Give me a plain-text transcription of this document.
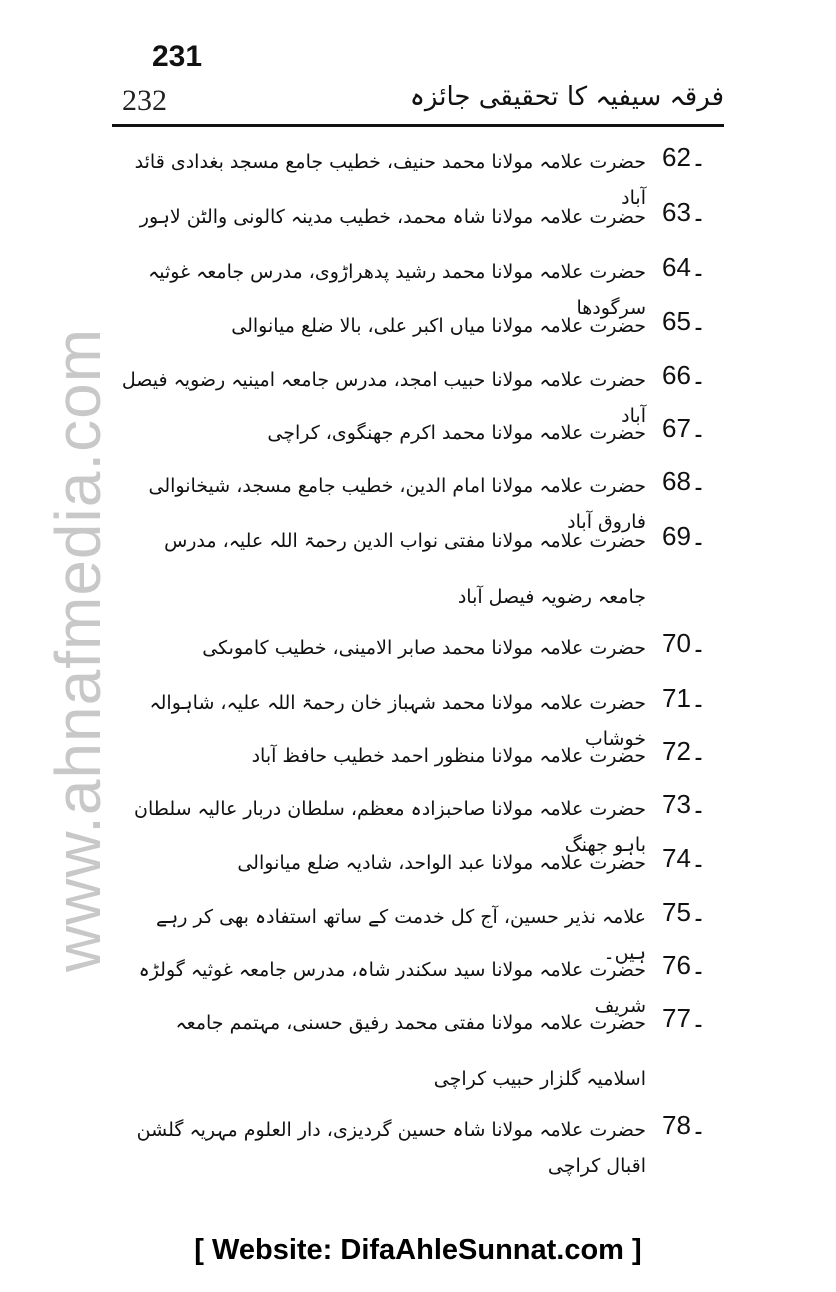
www.ahnafmedia.com
231
232	فرقہ سیفیہ کا تحقیقی جائزہ
62۔
حضرت علامہ مولانا محمد حنیف، خطیب جامع مسجد بغدادی قائد آباد 63۔
حضرت علامہ مولانا شاہ محمد، خطیب مدینہ کالونی والٹن لاہور
64۔
حضرت علامہ مولانا محمد رشید پدھراڑوی، مدرس جامعہ غوثیہ سرگودھا 65۔
حضرت علامہ مولانا میاں اکبر علی، بالا ضلع میانوالی
66۔
حضرت علامہ مولانا حبیب امجد، مدرس جامعہ امینیہ رضویہ فیصل آباد 67۔
حضرت علامہ مولانا محمد اکرم جھنگوی، کراچی
68۔
حضرت علامہ مولانا امام الدین، خطیب جامع مسجد، شیخانوالی فاروق آباد 69۔
حضرت علامہ مولانا مفتی نواب الدین رحمۃ اللہ علیہ، مدرس جامعہ رضویہ فیصل آباد
70۔
حضرت علامہ مولانا محمد صابر الامینی، خطیب کاموںکی
71۔
حضرت علامہ مولانا محمد شہباز خان رحمۃ اللہ علیہ، شاہوالہ خوشاب 72۔
حضرت علامہ مولانا منظور احمد خطیب حافظ آباد
73۔
حضرت علامہ مولانا صاحبزادہ معظم، سلطان دربار عالیہ سلطان باہو جھنگ 74۔
حضرت علامہ مولانا عبد الواحد، شادیہ ضلع میانوالی
75۔
علامہ نذیر حسین، آج کل خدمت کے ساتھ استفادہ بھی کر رہے ہیں۔ 76۔
حضرت علامہ مولانا سید سکندر شاہ، مدرس جامعہ غوثیہ گولڑہ شریف 77۔
حضرت علامہ مولانا مفتی محمد رفیق حسنی، مہتمم جامعہ اسلامیہ گلزار حبیب کراچی
78۔
حضرت علامہ مولانا شاہ حسین گردیزی، دار العلوم مہریہ گلشن اقبال کراچی
[ Website: DifaAhleSunnat.com ]
